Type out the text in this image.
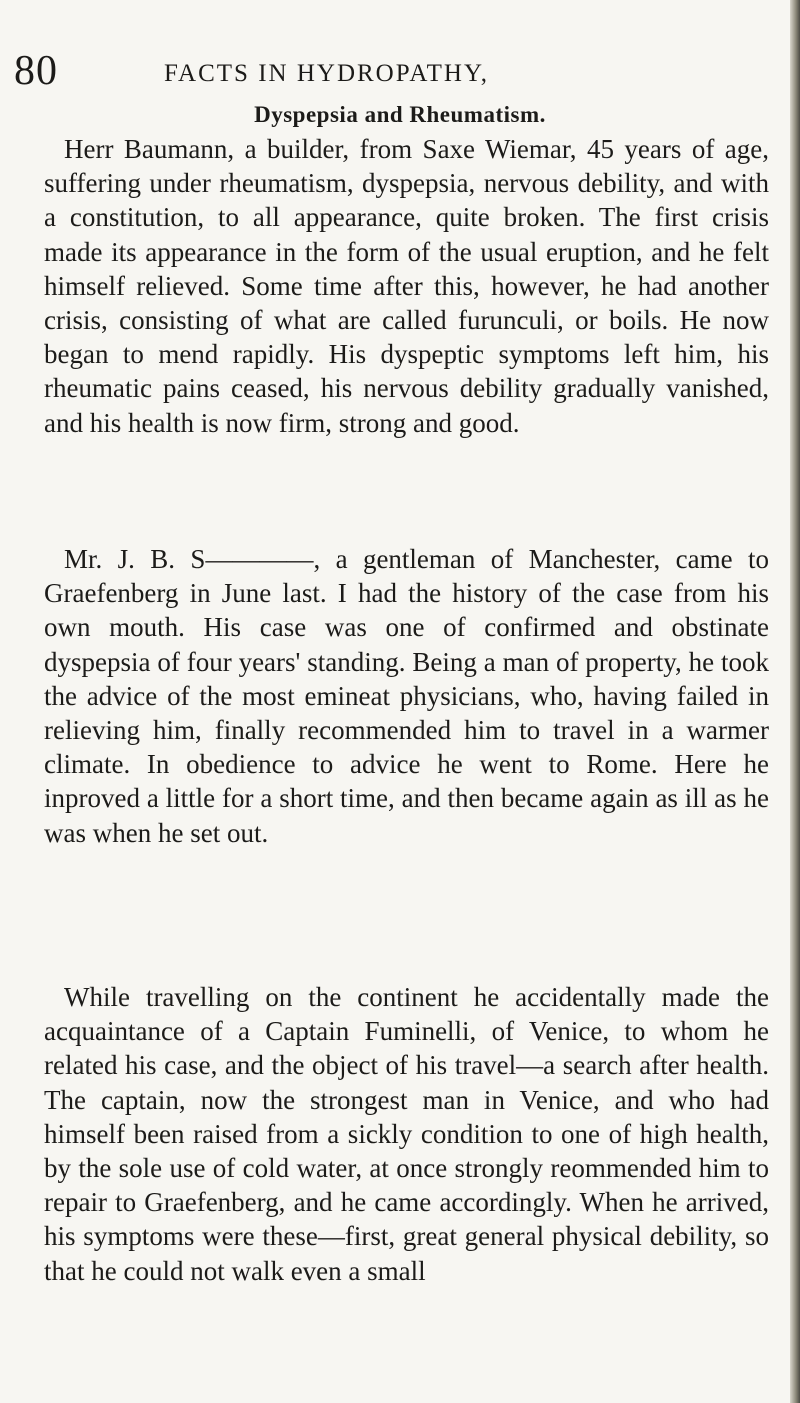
80	FACTS IN HYDROPATHY,
Dyspepsia and Rheumatism.

Herr Baumann, a builder, from Saxe Wiemar, 45 years of age, suffering under rheumatism, dyspepsia, nervous debility, and with a constitution, to all appearance, quite broken. The first crisis made its appearance in the form of the usual eruption, and he felt himself relieved. Some time after this, however, he had another crisis, consisting of what are called furunculi, or boils. He now began to mend rapidly. His dyspeptic symptoms left him, his rheumatic pains ceased, his nervous debility gradually vanished, and his health is now firm, strong and good.

Mr. J. B. S————, a gentleman of Manchester, came to Graefenberg in June last. I had the history of the case from his own mouth. His case was one of confirmed and obstinate dyspepsia of four years' standing. Being a man of property, he took the advice of the most emineat physicians, who, having failed in relieving him, finally recommended him to travel in a warmer climate. In obedience to advice he went to Rome. Here he inproved a little for a short time, and then became again as ill as he was when he set out.

While travelling on the continent he accidentally made the acquaintance of a Captain Fuminelli, of Venice, to whom he related his case, and the object of his travel—a search after health. The captain, now the strongest man in Venice, and who had himself been raised from a sickly condition to one of high health, by the sole use of cold water, at once strongly reommended him to repair to Graefenberg, and he came accordingly. When he arrived, his symptoms were these—first, great general physical debility, so that he could not walk even a small
